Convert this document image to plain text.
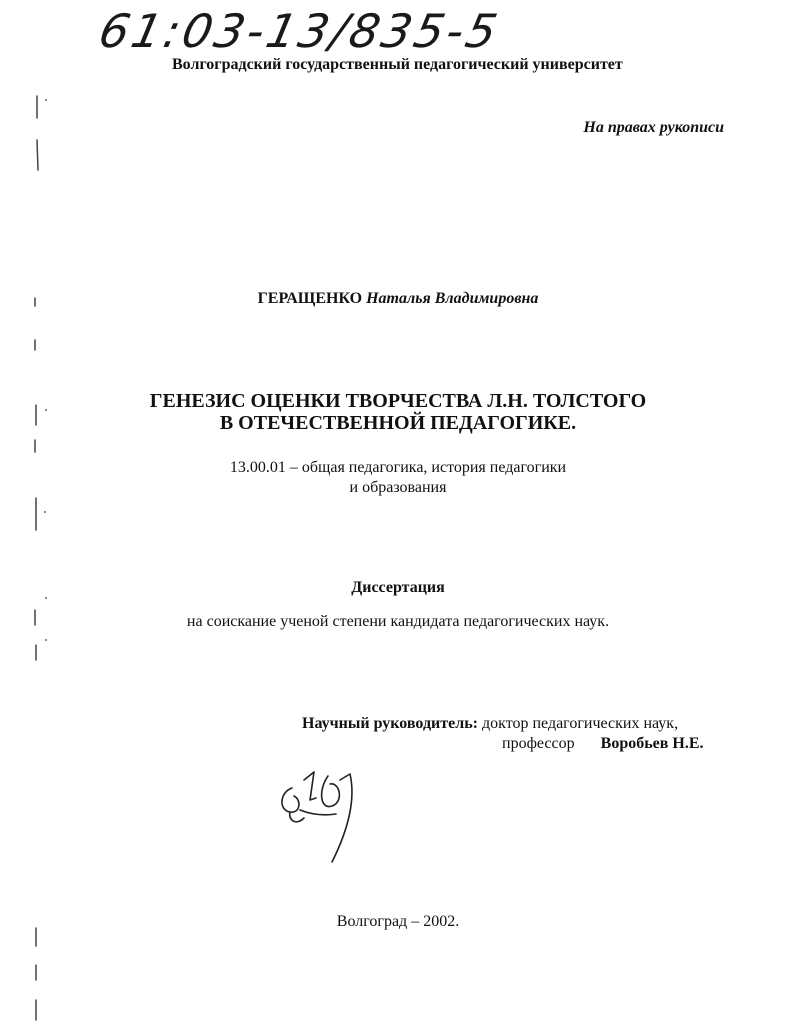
61:03-13/835-5
Волгоградский государственный педагогический университет
На правах рукописи
ГЕРАЩЕНКО Наталья Владимировна
ГЕНЕЗИС ОЦЕНКИ ТВОРЧЕСТВА Л.Н. ТОЛСТОГО
В ОТЕЧЕСТВЕННОЙ ПЕДАГОГИКЕ.
13.00.01 – общая педагогика, история педагогики
и образования
Диссертация
на соискание ученой степени кандидата педагогических наук.
Научный руководитель: доктор педагогических наук,
профессор Воробьев Н.Е.
Волгоград – 2002.
